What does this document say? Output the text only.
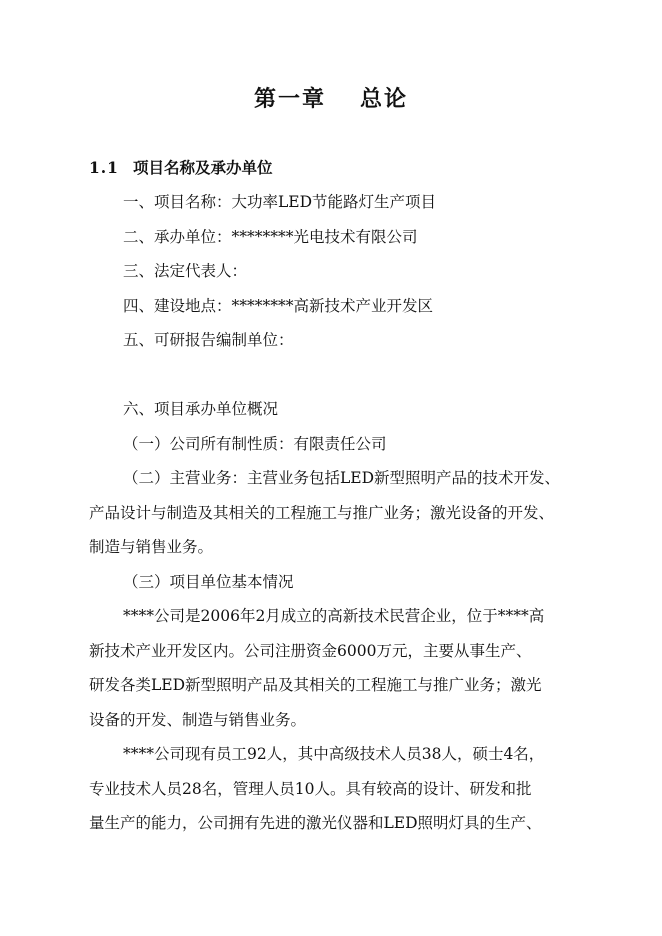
第一章 总论
1.1 项目名称及承办单位
一、项目名称：大功率LED节能路灯生产项目
二、承办单位：********光电技术有限公司
三、法定代表人：
四、建设地点：********高新技术产业开发区
五、可研报告编制单位：
六、项目承办单位概况
（一）公司所有制性质：有限责任公司
（二）主营业务：主营业务包括LED新型照明产品的技术开发、
产品设计与制造及其相关的工程施工与推广业务；激光设备的开发、
制造与销售业务。
（三）项目单位基本情况
****公司是2006年2月成立的高新技术民营企业，位于****高
新技术产业开发区内。公司注册资金6000万元，主要从事生产、
研发各类LED新型照明产品及其相关的工程施工与推广业务；激光
设备的开发、制造与销售业务。
****公司现有员工92人，其中高级技术人员38人，硕士4名，
专业技术人员28名，管理人员10人。具有较高的设计、研发和批
量生产的能力，公司拥有先进的激光仪器和LED照明灯具的生产、
